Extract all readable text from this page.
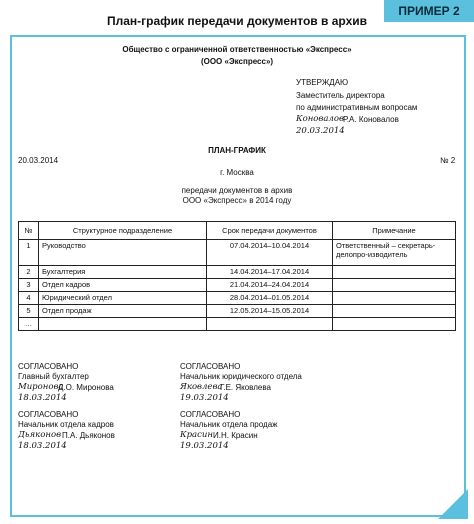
ПРИМЕР 2
План-график передачи документов в архив
Общество с ограниченной ответственностью «Экспресс»
(ООО «Экспресс»)
УТВЕРЖДАЮ
Заместитель директора
по административным вопросам
Коновалов Р.А. Коновалов
20.03.2014
ПЛАН-ГРАФИК
20.03.2014	№ 2
г. Москва
передачи документов в архив
ООО «Экспресс» в 2014 году
№	Структурное подразделение	Срок передачи документов	Примечание
1	Руководство	07.04.2014–10.04.2014	Ответственный – секретарь-делопро-изводитель
2	Бухгалтерия	14.04.2014–17.04.2014	
3	Отдел кадров	21.04.2014–24.04.2014	
4	Юридический отдел	28.04.2014–01.05.2014	
5	Отдел продаж	12.05.2014–15.05.2014	
…			
СОГЛАСОВАНО
Главный бухгалтер
Миронова
Д.О. Миронова
18.03.2014
СОГЛАСОВАНО
Начальник отдела кадров
Дьяконов П.А. Дьяконов
18.03.2014
СОГЛАСОВАНО
Начальник юридического отдела
Яковлева
Г.Е. Яковлева
19.03.2014
СОГЛАСОВАНО
Начальник отдела продаж
Красин И.Н. Красин
19.03.2014
